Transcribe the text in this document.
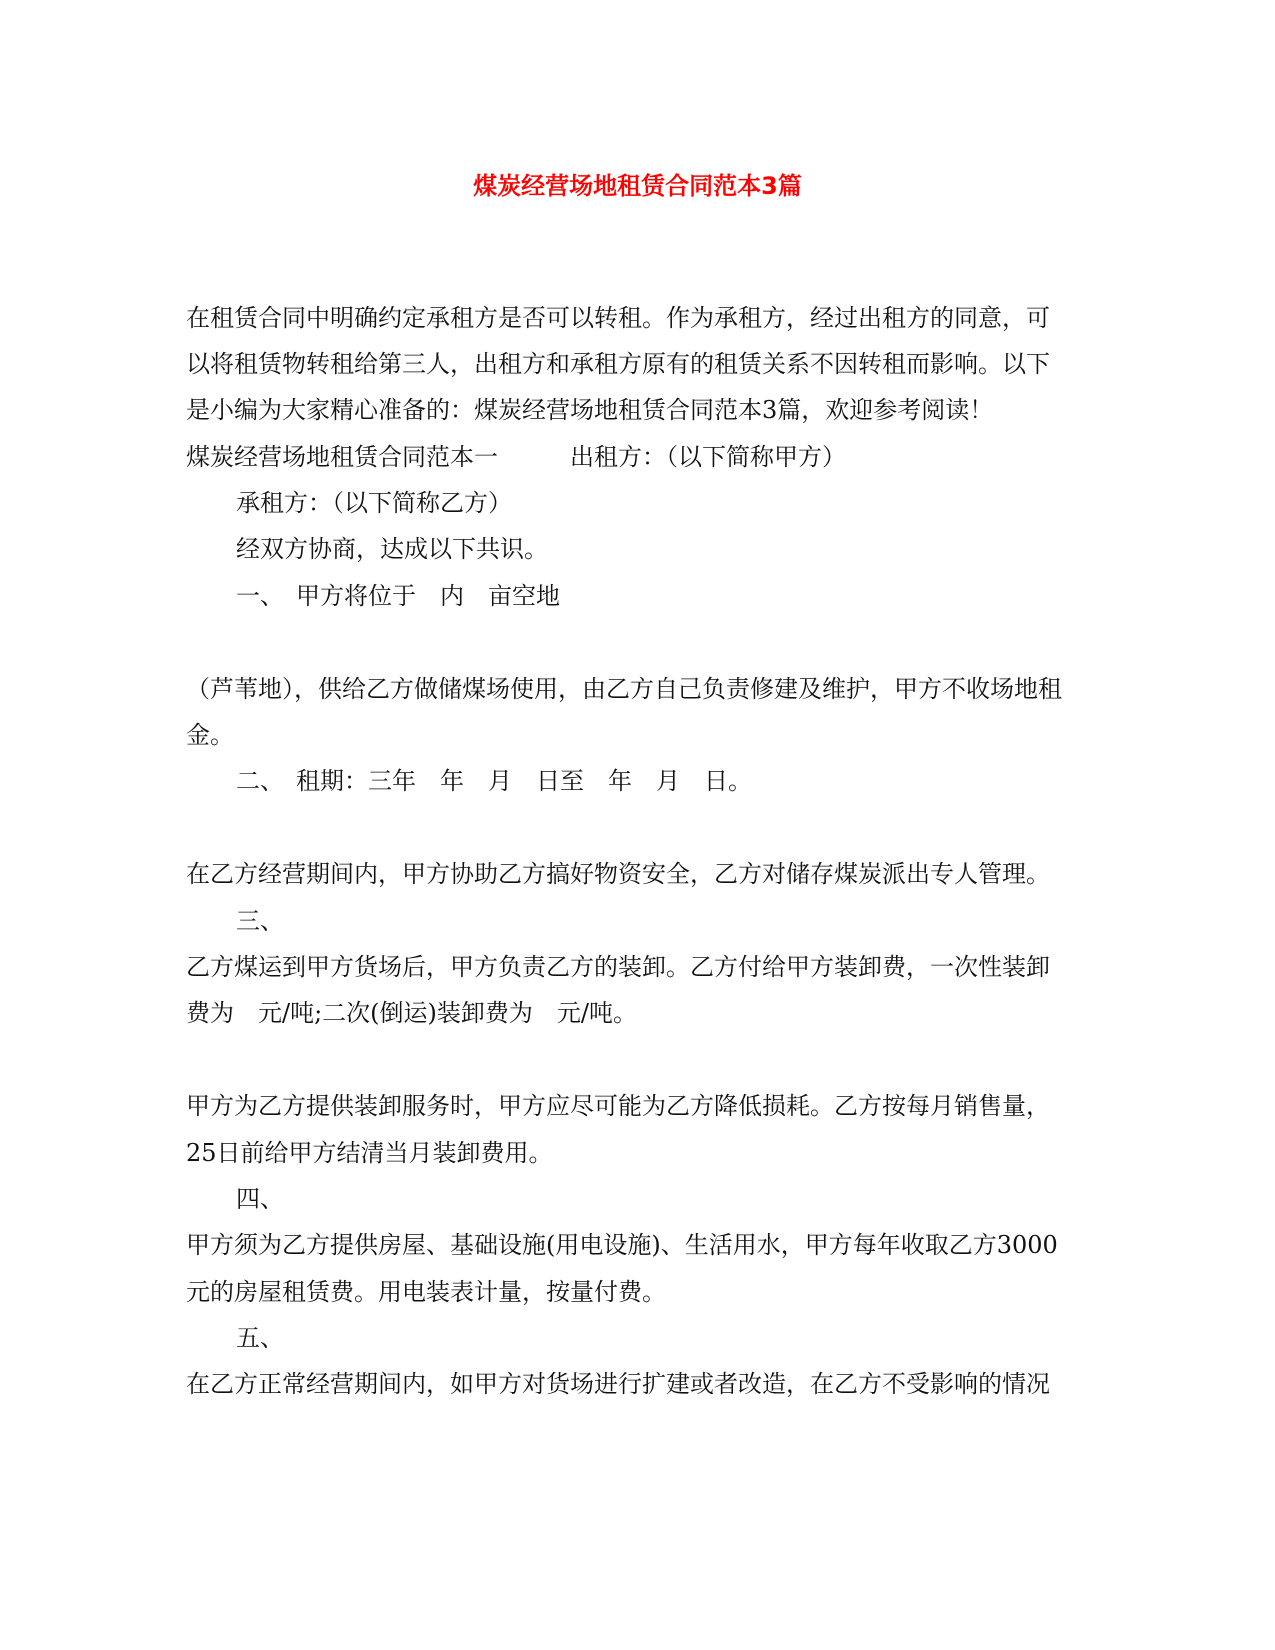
煤炭经营场地租赁合同范本3篇
在租赁合同中明确约定承租方是否可以转租。作为承租方，经过出租方的同意，可
以将租赁物转租给第三人，出租方和承租方原有的租赁关系不因转租而影响。以下
是小编为大家精心准备的：煤炭经营场地租赁合同范本3篇，欢迎参考阅读！
煤炭经营场地租赁合同范本一　　　出租方：（以下简称甲方）
承租方：（以下简称乙方）
经双方协商，达成以下共识。
一、　甲方将位于　内　亩空地
（芦苇地），供给乙方做储煤场使用，由乙方自己负责修建及维护，甲方不收场地租
金。
二、　租期：三年　年　月　日至　年　月　日。
在乙方经营期间内，甲方协助乙方搞好物资安全，乙方对储存煤炭派出专人管理。
三、
乙方煤运到甲方货场后，甲方负责乙方的装卸。乙方付给甲方装卸费，一次性装卸
费为　元/吨;二次(倒运)装卸费为　元/吨。
甲方为乙方提供装卸服务时，甲方应尽可能为乙方降低损耗。乙方按每月销售量，
25日前给甲方结清当月装卸费用。
四、
甲方须为乙方提供房屋、基础设施(用电设施)、生活用水，甲方每年收取乙方3000
元的房屋租赁费。用电装表计量，按量付费。
五、
在乙方正常经营期间内，如甲方对货场进行扩建或者改造，在乙方不受影响的情况
